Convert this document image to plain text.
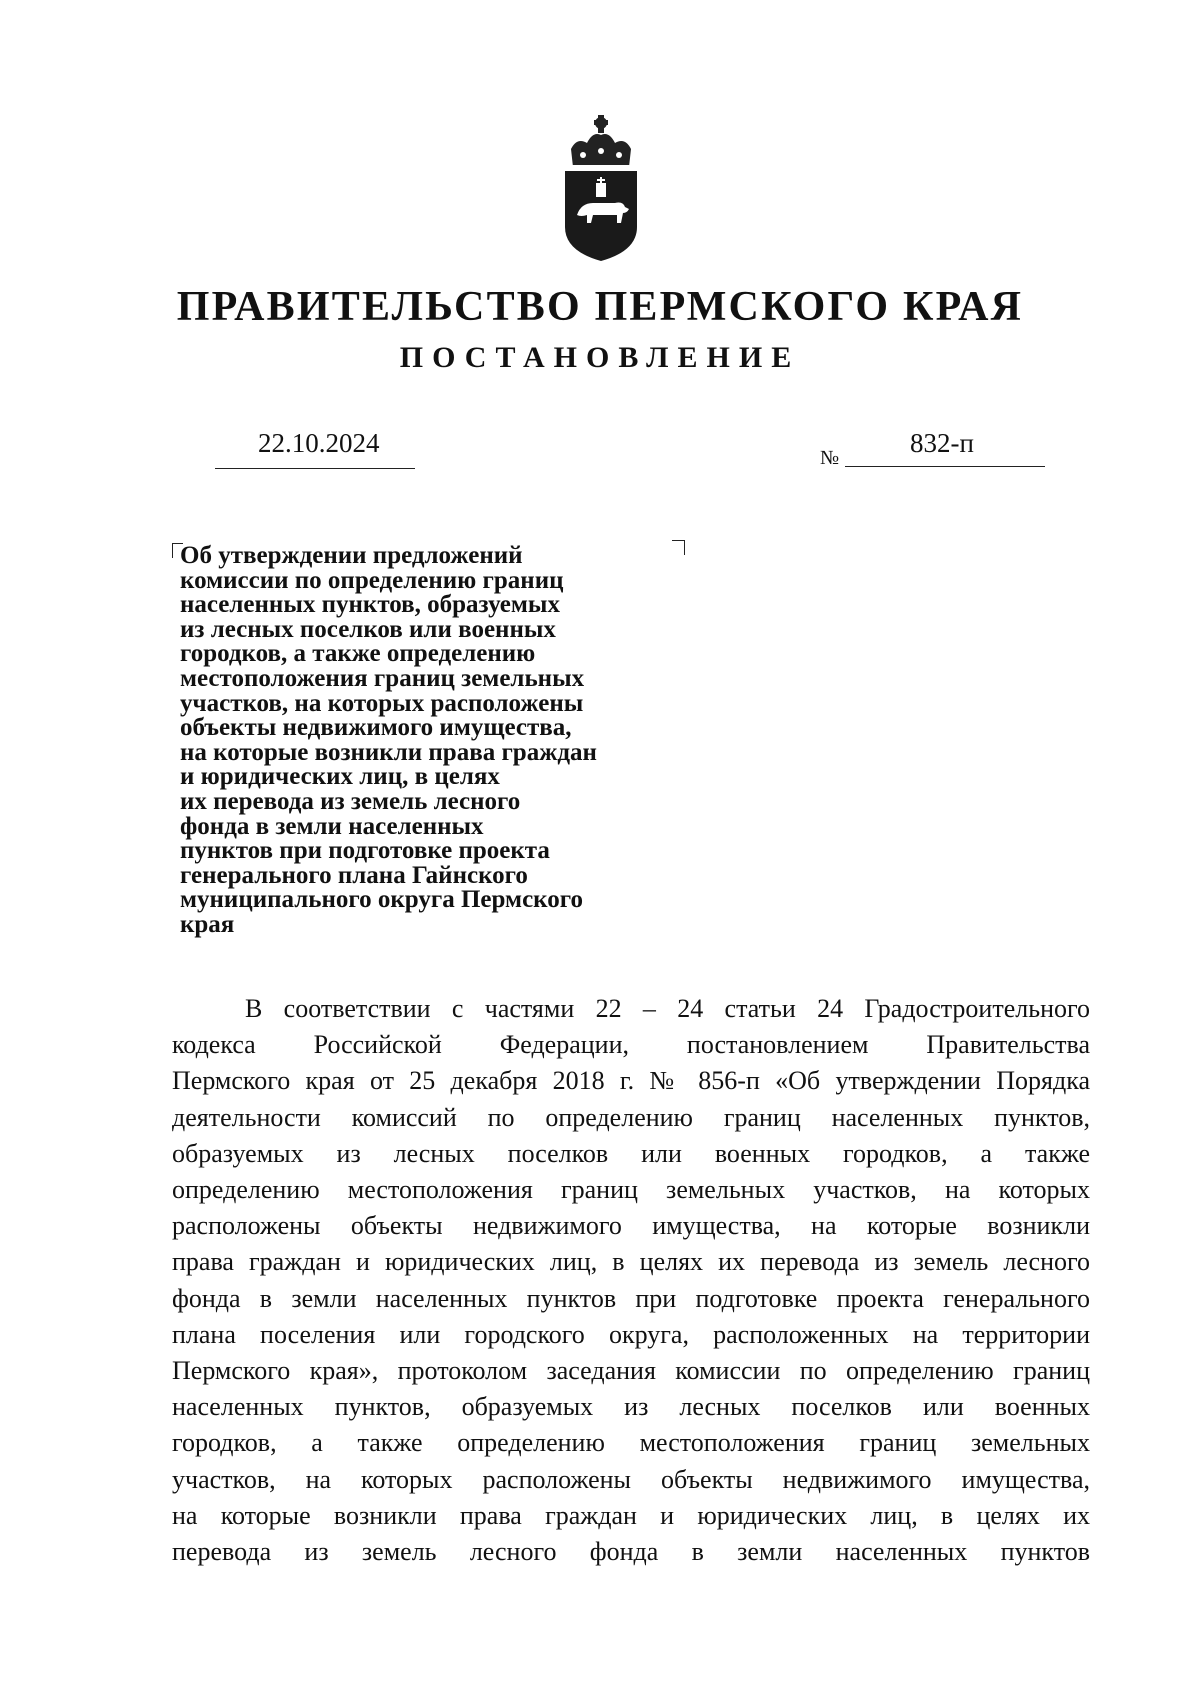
ПРАВИТЕЛЬСТВО ПЕРМСКОГО КРАЯ
ПОСТАНОВЛЕНИЕ
22.10.2024	№	832-п
Об утверждении предложений
комиссии по определению границ
населенных пунктов, образуемых
из лесных поселков или военных
городков, а также определению
местоположения границ земельных
участков, на которых расположены
объекты недвижимого имущества,
на которые возникли права граждан
и юридических лиц, в целях
их перевода из земель лесного
фонда в земли населенных
пунктов при подготовке проекта
генерального плана Гайнского
муниципального округа Пермского
края
В соответствии с частями 22 – 24 статьи 24 Градостроительного
кодекса Российской Федерации, постановлением Правительства
Пермского края от 25 декабря 2018 г. № 856-п «Об утверждении Порядка
деятельности комиссий по определению границ населенных пунктов,
образуемых из лесных поселков или военных городков, а также
определению местоположения границ земельных участков, на которых
расположены объекты недвижимого имущества, на которые возникли
права граждан и юридических лиц, в целях их перевода из земель лесного
фонда в земли населенных пунктов при подготовке проекта генерального
плана поселения или городского округа, расположенных на территории
Пермского края», протоколом заседания комиссии по определению границ
населенных пунктов, образуемых из лесных поселков или военных
городков, а также определению местоположения границ земельных
участков, на которых расположены объекты недвижимого имущества,
на которые возникли права граждан и юридических лиц, в целях их
перевода из земель лесного фонда в земли населенных пунктов
